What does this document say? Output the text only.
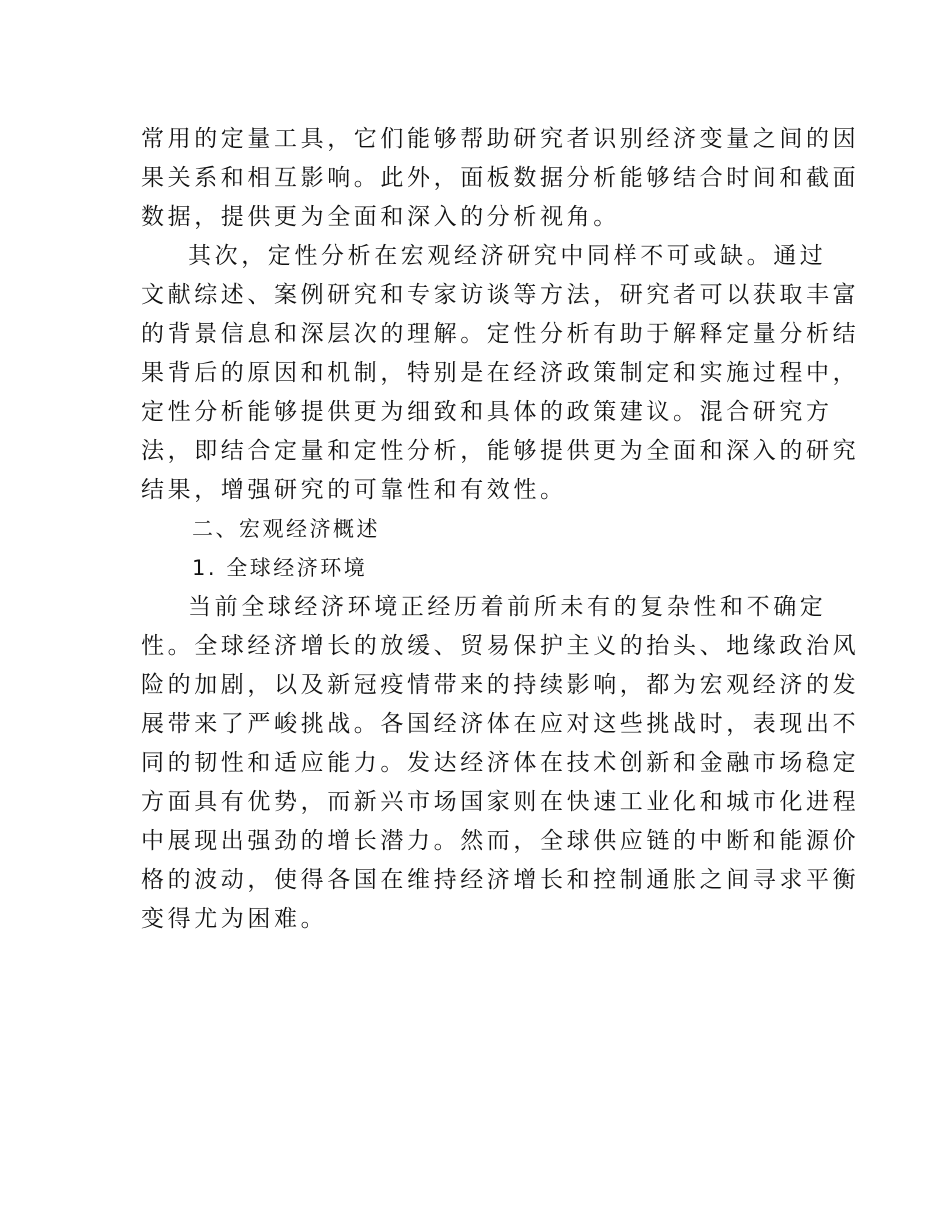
常用的定量工具，它们能够帮助研究者识别经济变量之间的因
果关系和相互影响。此外，面板数据分析能够结合时间和截面
数据，提供更为全面和深入的分析视角。
其次，定性分析在宏观经济研究中同样不可或缺。通过
文献综述、案例研究和专家访谈等方法，研究者可以获取丰富
的背景信息和深层次的理解。定性分析有助于解释定量分析结
果背后的原因和机制，特别是在经济政策制定和实施过程中，
定性分析能够提供更为细致和具体的政策建议。混合研究方
法，即结合定量和定性分析，能够提供更为全面和深入的研究
结果，增强研究的可靠性和有效性。
二、宏观经济概述
1. 全球经济环境
当前全球经济环境正经历着前所未有的复杂性和不确定
性。全球经济增长的放缓、贸易保护主义的抬头、地缘政治风
险的加剧，以及新冠疫情带来的持续影响，都为宏观经济的发
展带来了严峻挑战。各国经济体在应对这些挑战时，表现出不
同的韧性和适应能力。发达经济体在技术创新和金融市场稳定
方面具有优势，而新兴市场国家则在快速工业化和城市化进程
中展现出强劲的增长潜力。然而，全球供应链的中断和能源价
格的波动，使得各国在维持经济增长和控制通胀之间寻求平衡
变得尤为困难。
